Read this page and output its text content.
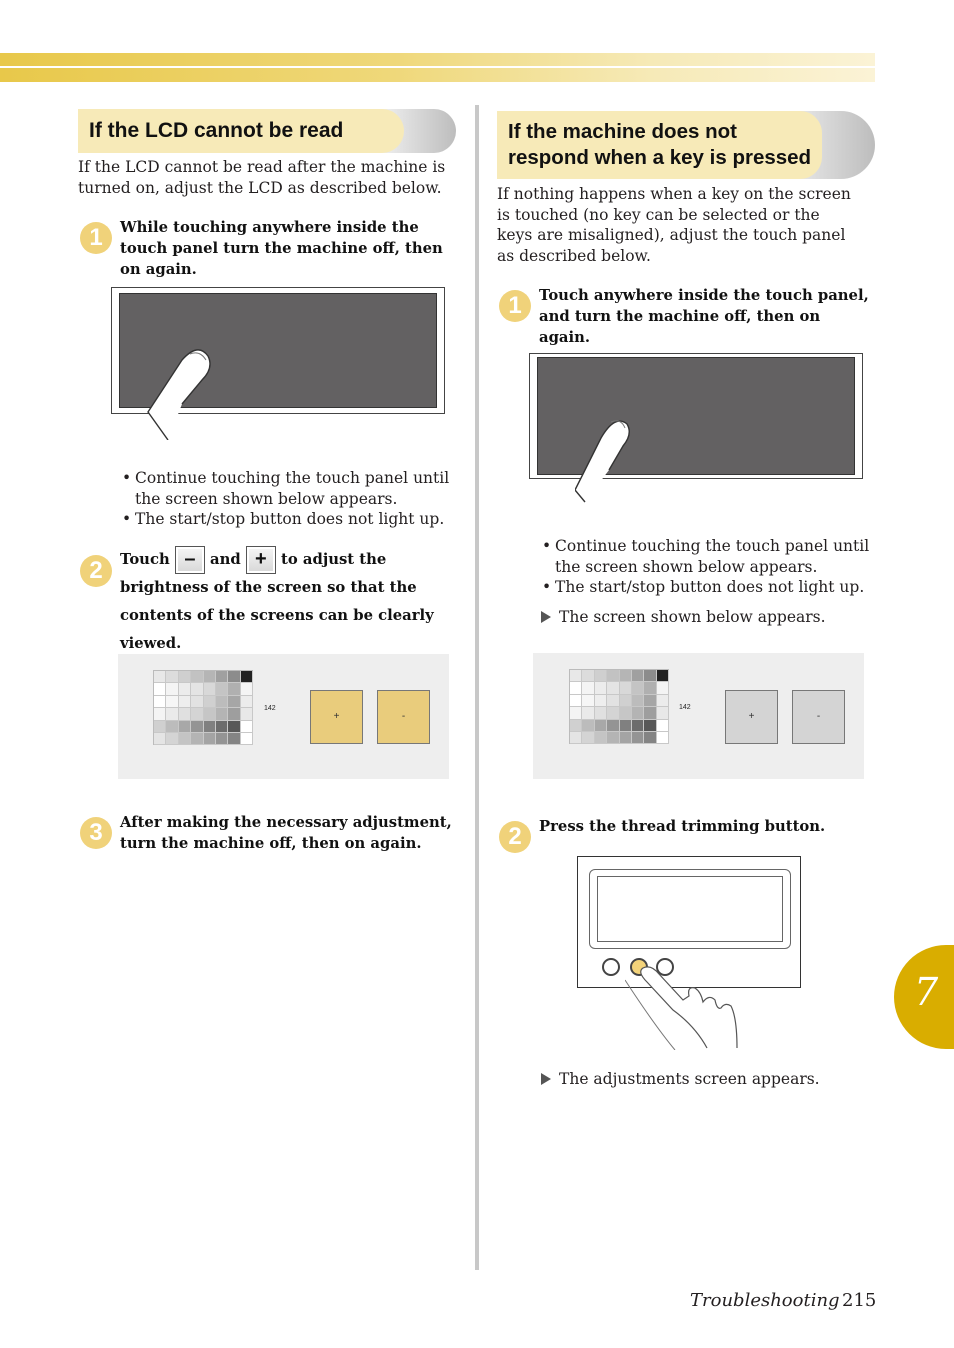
If the LCD cannot be read

If the LCD cannot be read after the machine is turned on, adjust the LCD as described below.

1	While touching anywhere inside the touch panel turn the machine off, then on again.

• Continue touching the touch panel until the screen shown below appears.
• The start/stop button does not light up.
2	Touch – and + to adjust the brightness of the screen so that the contents of the screens can be clearly viewed.
142
+	-
3	After making the necessary adjustment, turn the machine off, then on again.

If the machine does not
respond when a key is pressed

If nothing happens when a key on the screen is touched (no key can be selected or the keys are misaligned), adjust the touch panel as described below.

1	Touch anywhere inside the touch panel, and turn the machine off, then on again.

• Continue touching the touch panel until the screen shown below appears.
• The start/stop button does not light up.

The screen shown below appears.

142
+	-
2	Press the thread trimming button.

The adjustments screen appears.

7
Troubleshooting 215
